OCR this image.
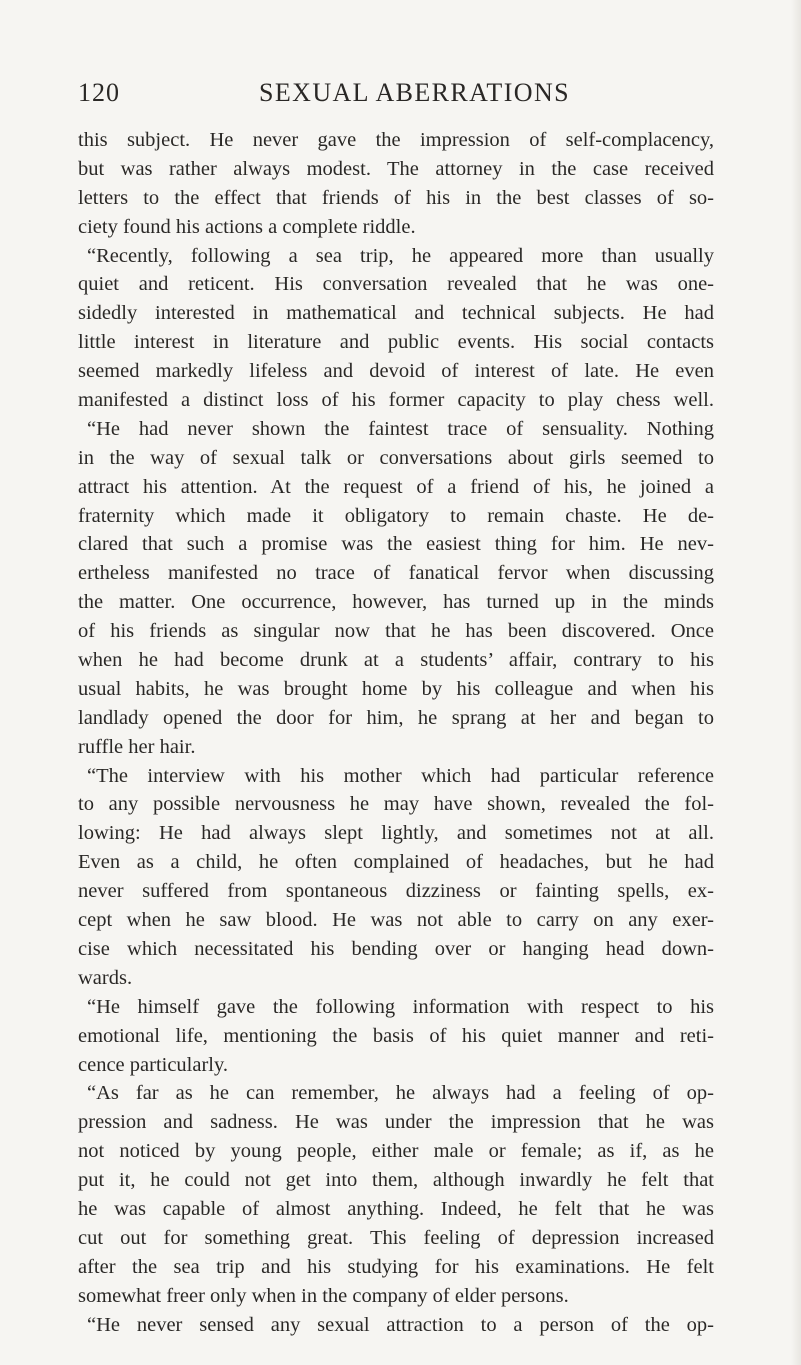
120	SEXUAL ABERRATIONS
this subject. He never gave the impression of self-complacency,
but was rather always modest. The attorney in the case received
letters to the effect that friends of his in the best classes of so-
ciety found his actions a complete riddle.
“Recently, following a sea trip, he appeared more than usually
quiet and reticent. His conversation revealed that he was one-
sidedly interested in mathematical and technical subjects. He had
little interest in literature and public events. His social contacts
seemed markedly lifeless and devoid of interest of late. He even
manifested a distinct loss of his former capacity to play chess well.
“He had never shown the faintest trace of sensuality. Nothing
in the way of sexual talk or conversations about girls seemed to
attract his attention. At the request of a friend of his, he joined a
fraternity which made it obligatory to remain chaste. He de-
clared that such a promise was the easiest thing for him. He nev-
ertheless manifested no trace of fanatical fervor when discussing
the matter. One occurrence, however, has turned up in the minds
of his friends as singular now that he has been discovered. Once
when he had become drunk at a students’ affair, contrary to his
usual habits, he was brought home by his colleague and when his
landlady opened the door for him, he sprang at her and began to
ruffle her hair.
“The interview with his mother which had particular reference
to any possible nervousness he may have shown, revealed the fol-
lowing: He had always slept lightly, and sometimes not at all.
Even as a child, he often complained of headaches, but he had
never suffered from spontaneous dizziness or fainting spells, ex-
cept when he saw blood. He was not able to carry on any exer-
cise which necessitated his bending over or hanging head down-
wards.
“He himself gave the following information with respect to his
emotional life, mentioning the basis of his quiet manner and reti-
cence particularly.
“As far as he can remember, he always had a feeling of op-
pression and sadness. He was under the impression that he was
not noticed by young people, either male or female; as if, as he
put it, he could not get into them, although inwardly he felt that
he was capable of almost anything. Indeed, he felt that he was
cut out for something great. This feeling of depression increased
after the sea trip and his studying for his examinations. He felt
somewhat freer only when in the company of elder persons.
“He never sensed any sexual attraction to a person of the op-
